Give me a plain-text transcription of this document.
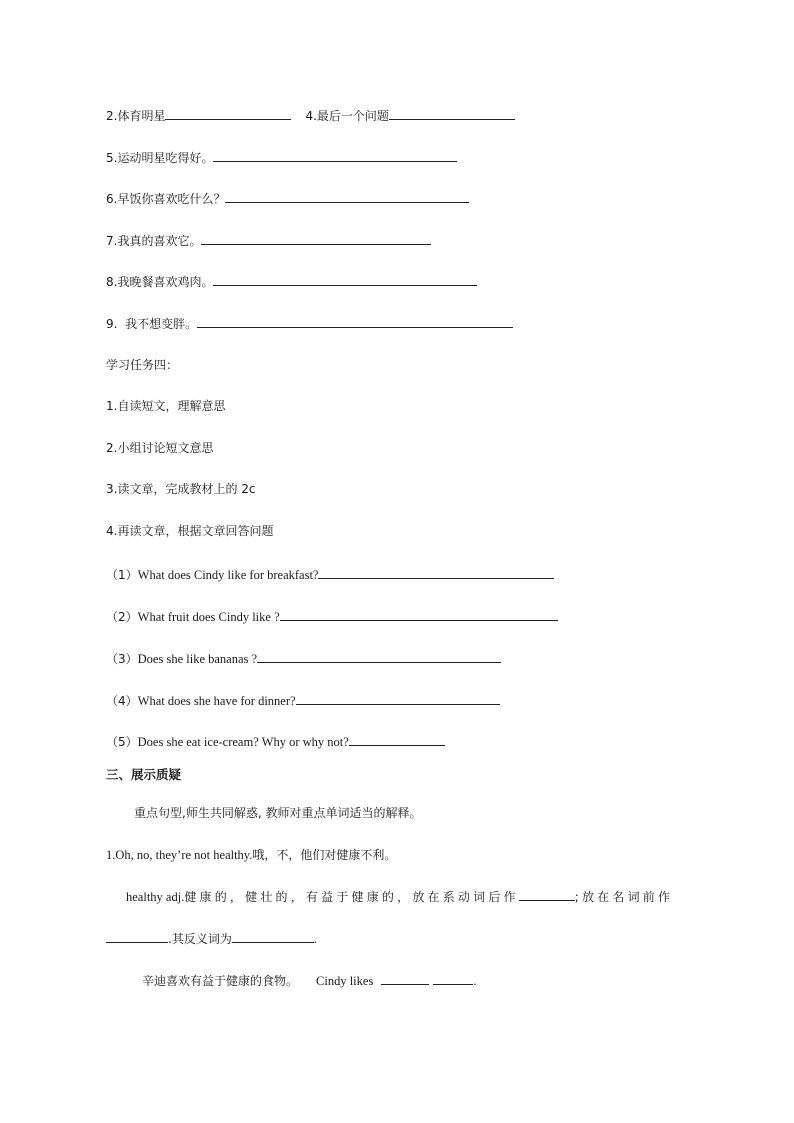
2.体育明星	4.最后一个问题
5.运动明星吃得好。
6.早饭你喜欢吃什么？
7.我真的喜欢它。
8.我晚餐喜欢鸡肉。
9.  我不想变胖。
学习任务四：
1.自读短文，理解意思
2.小组讨论短文意思
3.读文章，完成教材上的 2c
4.再读文章，根据文章回答问题
（1）What does Cindy like for breakfast?
（2）What fruit does Cindy like ?
（3）Does she like bananas ?
（4）What does she have for dinner?
（5）Does she eat ice-cream? Why or why not?
三、展示质疑
重点句型,师生共同解惑, 教师对重点单词适当的解释。
1.Oh, no, they’re not healthy.哦，不，他们对健康不利。
healthy adj.健康的，健壮的，有益于健康的，放在系动词后作	;放在名词前作
.其反义词为	.
辛迪喜欢有益于健康的食物。 Cindy likes	.
